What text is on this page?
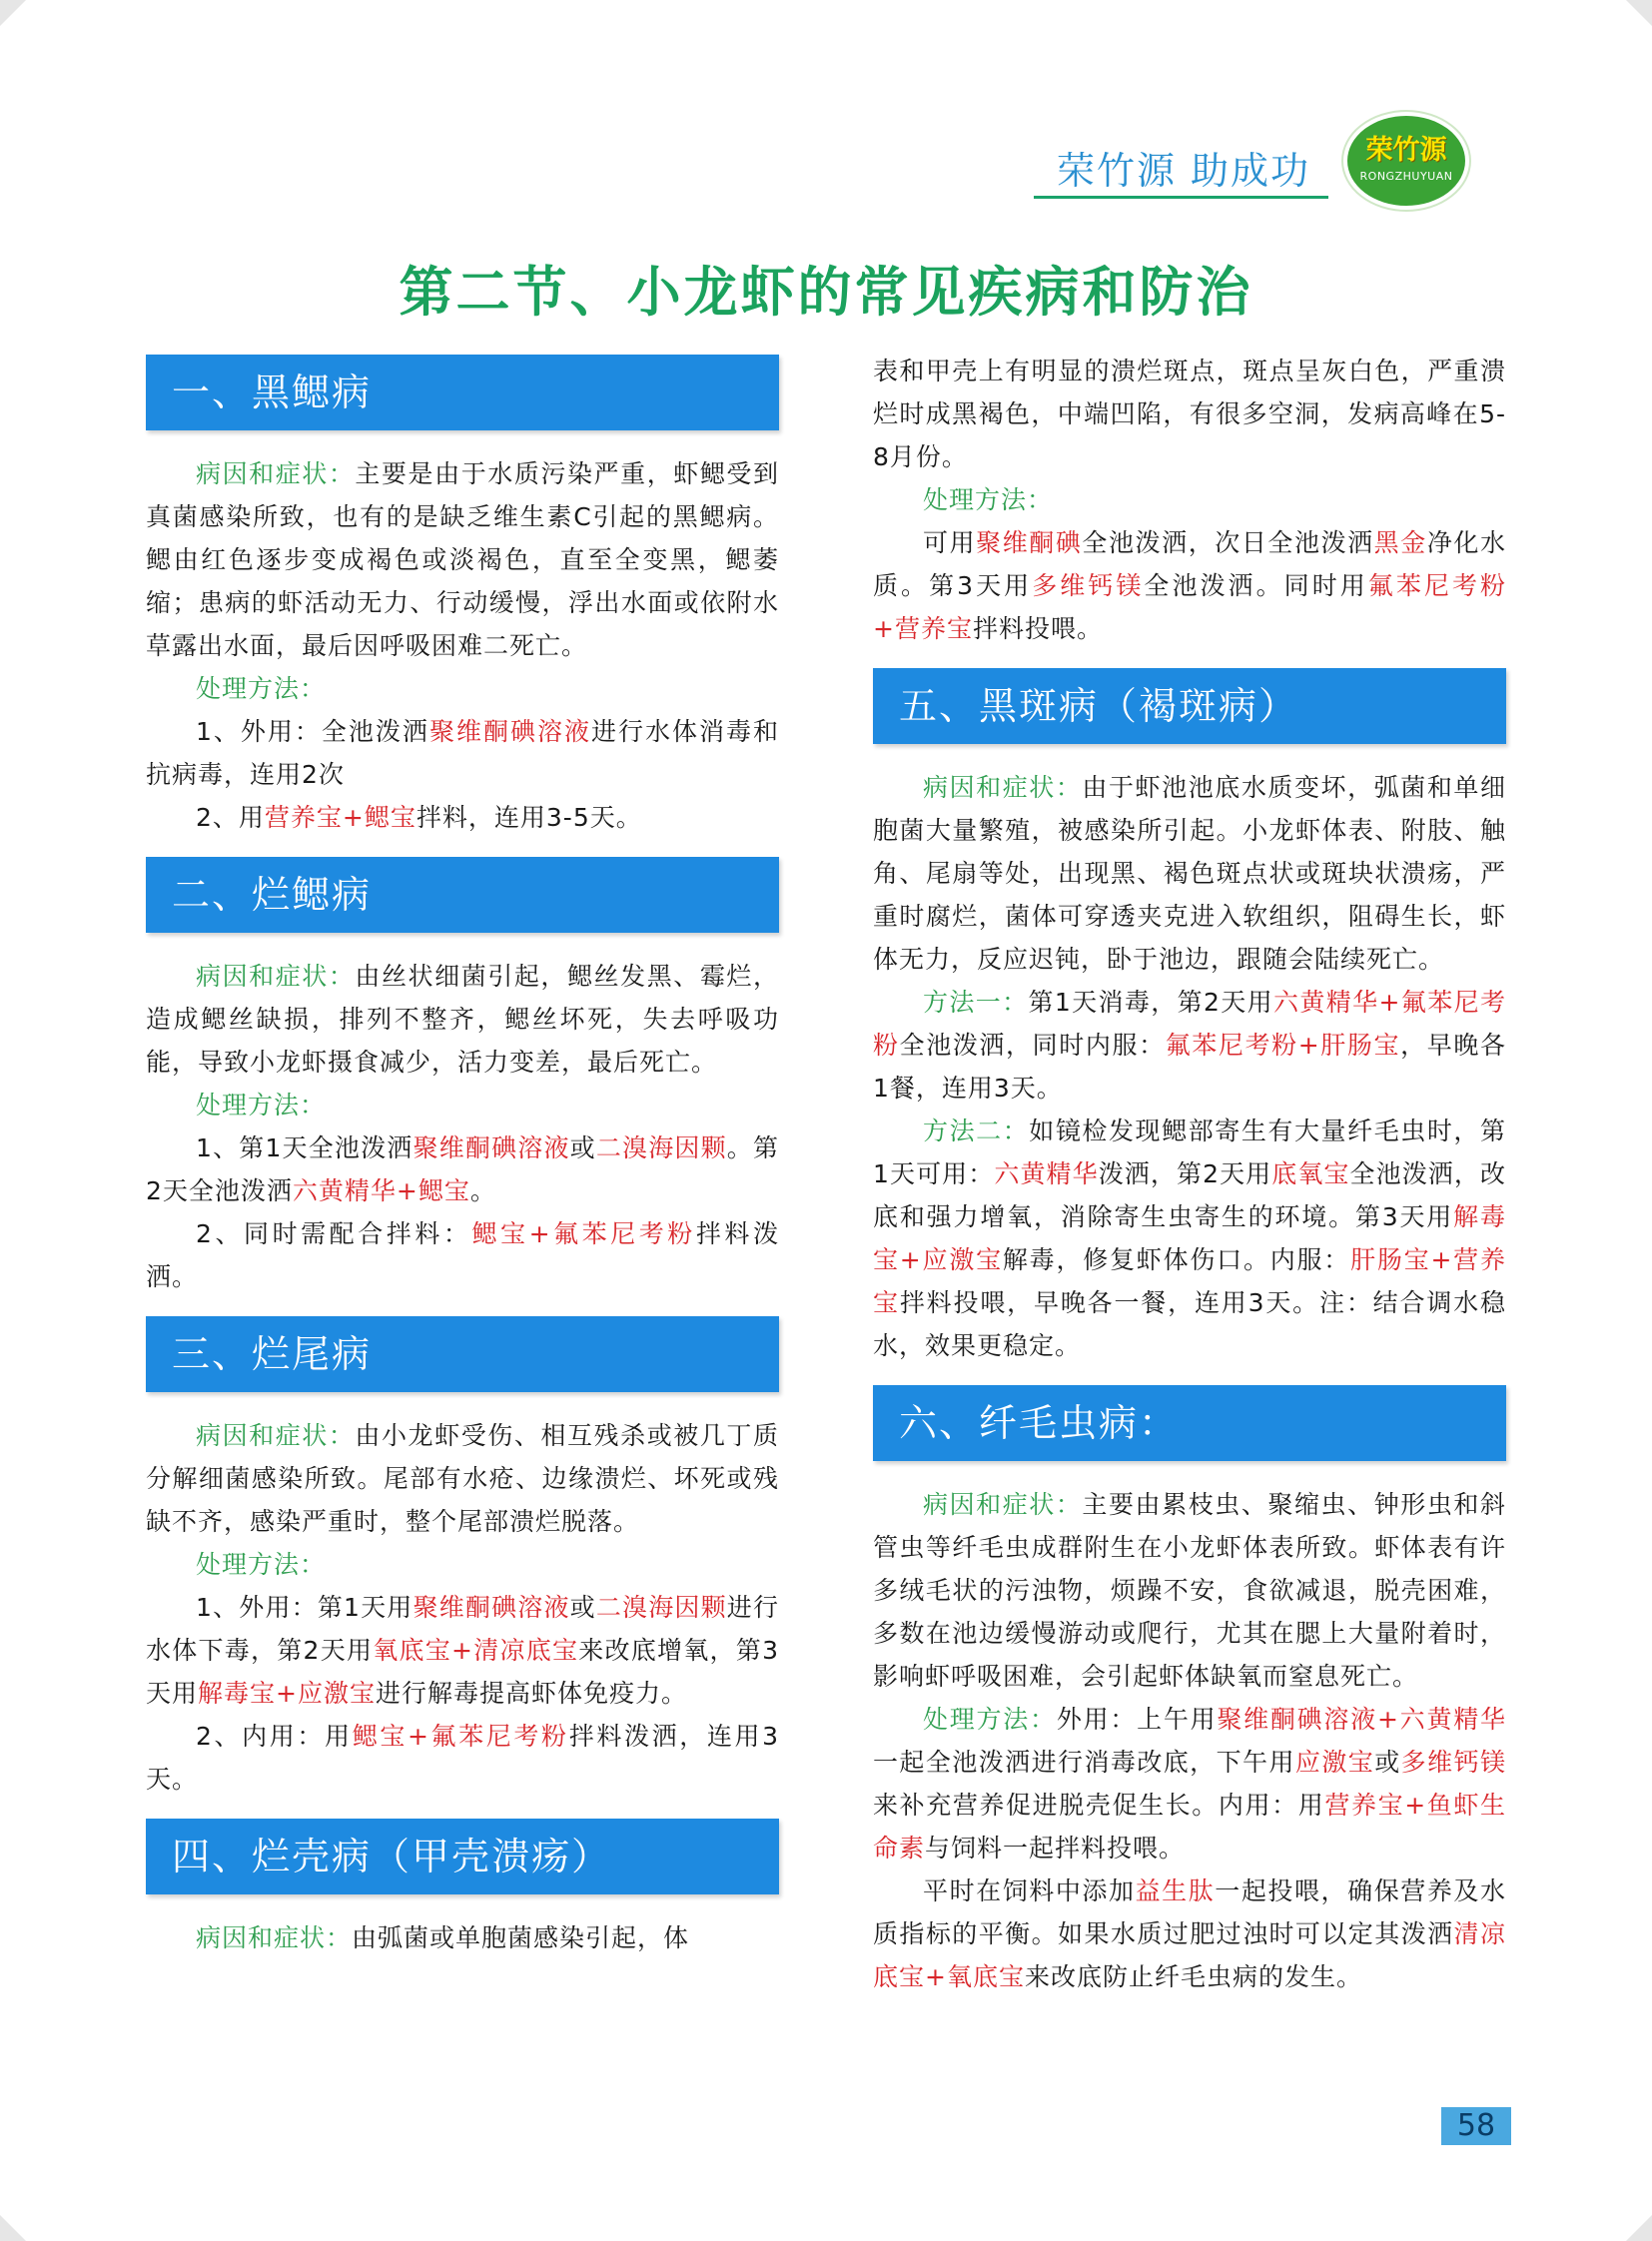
荣竹源 助成功	荣竹源
RONGZHUYUAN
第二节、小龙虾的常见疾病和防治
一、黑鳃病

病因和症状：主要是由于水质污染严重，虾鳃受到真菌感染所致，也有的是缺乏维生素C引起的黑鳃病。鳃由红色逐步变成褐色或淡褐色，直至全变黑，鳃萎缩；患病的虾活动无力、行动缓慢，浮出水面或依附水草露出水面，最后因呼吸困难二死亡。

处理方法：

1、外用：全池泼洒聚维酮碘溶液进行水体消毒和抗病毒，连用2次

2、用营养宝+鳃宝拌料，连用3-5天。

二、烂鳃病

病因和症状：由丝状细菌引起，鳃丝发黑、霉烂，造成鳃丝缺损，排列不整齐，鳃丝坏死，失去呼吸功能，导致小龙虾摄食减少，活力变差，最后死亡。

处理方法：

1、第1天全池泼洒聚维酮碘溶液或二溴海因颗。第2天全池泼洒六黄精华+鳃宝。

2、同时需配合拌料：鳃宝+氟苯尼考粉拌料泼洒。

三、烂尾病

病因和症状：由小龙虾受伤、相互残杀或被几丁质分解细菌感染所致。尾部有水疮、边缘溃烂、坏死或残缺不齐，感染严重时，整个尾部溃烂脱落。

处理方法：

1、外用：第1天用聚维酮碘溶液或二溴海因颗进行水体下毒，第2天用氧底宝+清凉底宝来改底增氧，第3天用解毒宝+应激宝进行解毒提高虾体免疫力。

2、内用：用鳃宝+氟苯尼考粉拌料泼洒，连用3天。

四、烂壳病（甲壳溃疡）

病因和症状：由弧菌或单胞菌感染引起，体

表和甲壳上有明显的溃烂斑点，斑点呈灰白色，严重溃烂时成黑褐色，中端凹陷，有很多空洞，发病高峰在5-8月份。

处理方法：

可用聚维酮碘全池泼洒，次日全池泼洒黑金净化水质。第3天用多维钙镁全池泼洒。同时用氟苯尼考粉+营养宝拌料投喂。

五、黑斑病（褐斑病）

病因和症状：由于虾池池底水质变坏，弧菌和单细胞菌大量繁殖，被感染所引起。小龙虾体表、附肢、触角、尾扇等处，出现黑、褐色斑点状或斑块状溃疡，严重时腐烂，菌体可穿透夹克进入软组织，阻碍生长，虾体无力，反应迟钝，卧于池边，跟随会陆续死亡。

方法一：第1天消毒，第2天用六黄精华+氟苯尼考粉全池泼洒，同时内服：氟苯尼考粉+肝肠宝，早晚各1餐，连用3天。

方法二：如镜检发现鳃部寄生有大量纤毛虫时，第1天可用：六黄精华泼洒，第2天用底氧宝全池泼洒，改底和强力增氧，消除寄生虫寄生的环境。第3天用解毒宝+应激宝解毒，修复虾体伤口。内服：肝肠宝+营养宝拌料投喂，早晚各一餐，连用3天。注：结合调水稳水，效果更稳定。

六、纤毛虫病：

病因和症状：主要由累枝虫、聚缩虫、钟形虫和斜管虫等纤毛虫成群附生在小龙虾体表所致。虾体表有许多绒毛状的污浊物，烦躁不安，食欲减退，脱壳困难，多数在池边缓慢游动或爬行，尤其在腮上大量附着时，影响虾呼吸困难，会引起虾体缺氧而窒息死亡。

处理方法：外用：上午用聚维酮碘溶液+六黄精华一起全池泼洒进行消毒改底，下午用应激宝或多维钙镁来补充营养促进脱壳促生长。内用：用营养宝+鱼虾生命素与饲料一起拌料投喂。

平时在饲料中添加益生肽一起投喂，确保营养及水质指标的平衡。如果水质过肥过浊时可以定其泼洒清凉底宝+氧底宝来改底防止纤毛虫病的发生。

58
